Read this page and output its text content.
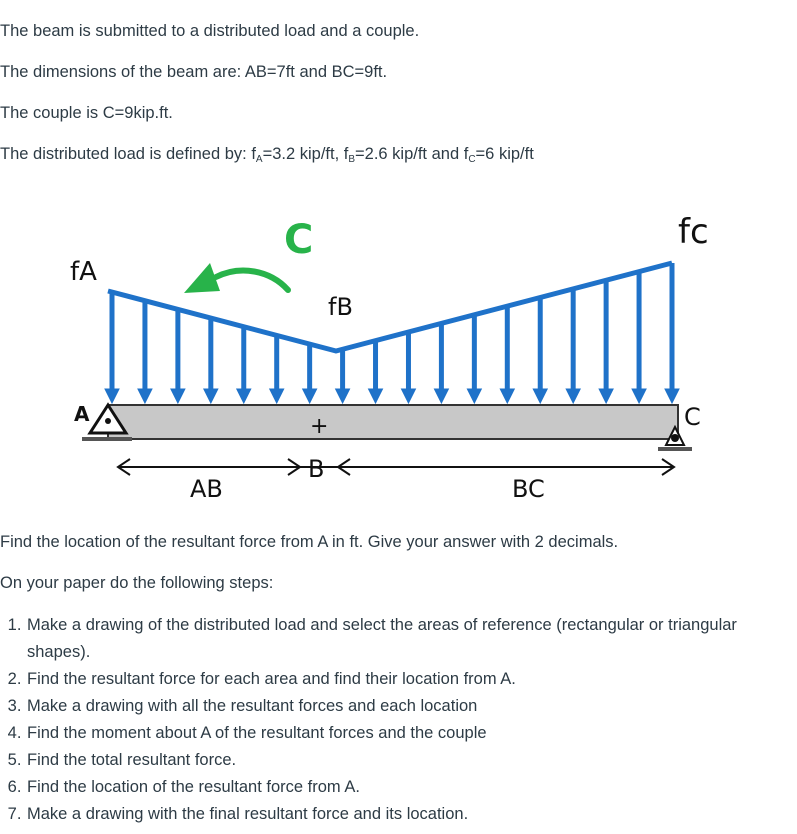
The beam is submitted to a distributed load and a couple.

The dimensions of the beam are: AB=7ft and BC=9ft.

The couple is C=9kip.ft.

The distributed load is defined by: $f_A=3.2$ kip/ft, $f_B=2.6$ kip/ft and $f_C=6$ kip/ft

fA
fB
fc
C
A	C
+
B
AB	BC

Find the location of the resultant force from A in ft. Give your answer with 2 decimals.

On your paper do the following steps:

1. Make a drawing of the distributed load and select the areas of reference (rectangular or triangular shapes).
2. Find the resultant force for each area and find their location from A.
3. Make a drawing with all the resultant forces and each location
4. Find the moment about A of the resultant forces and the couple
5. Find the total resultant force.
6. Find the location of the resultant force from A.
7. Make a drawing with the final resultant force and its location.
